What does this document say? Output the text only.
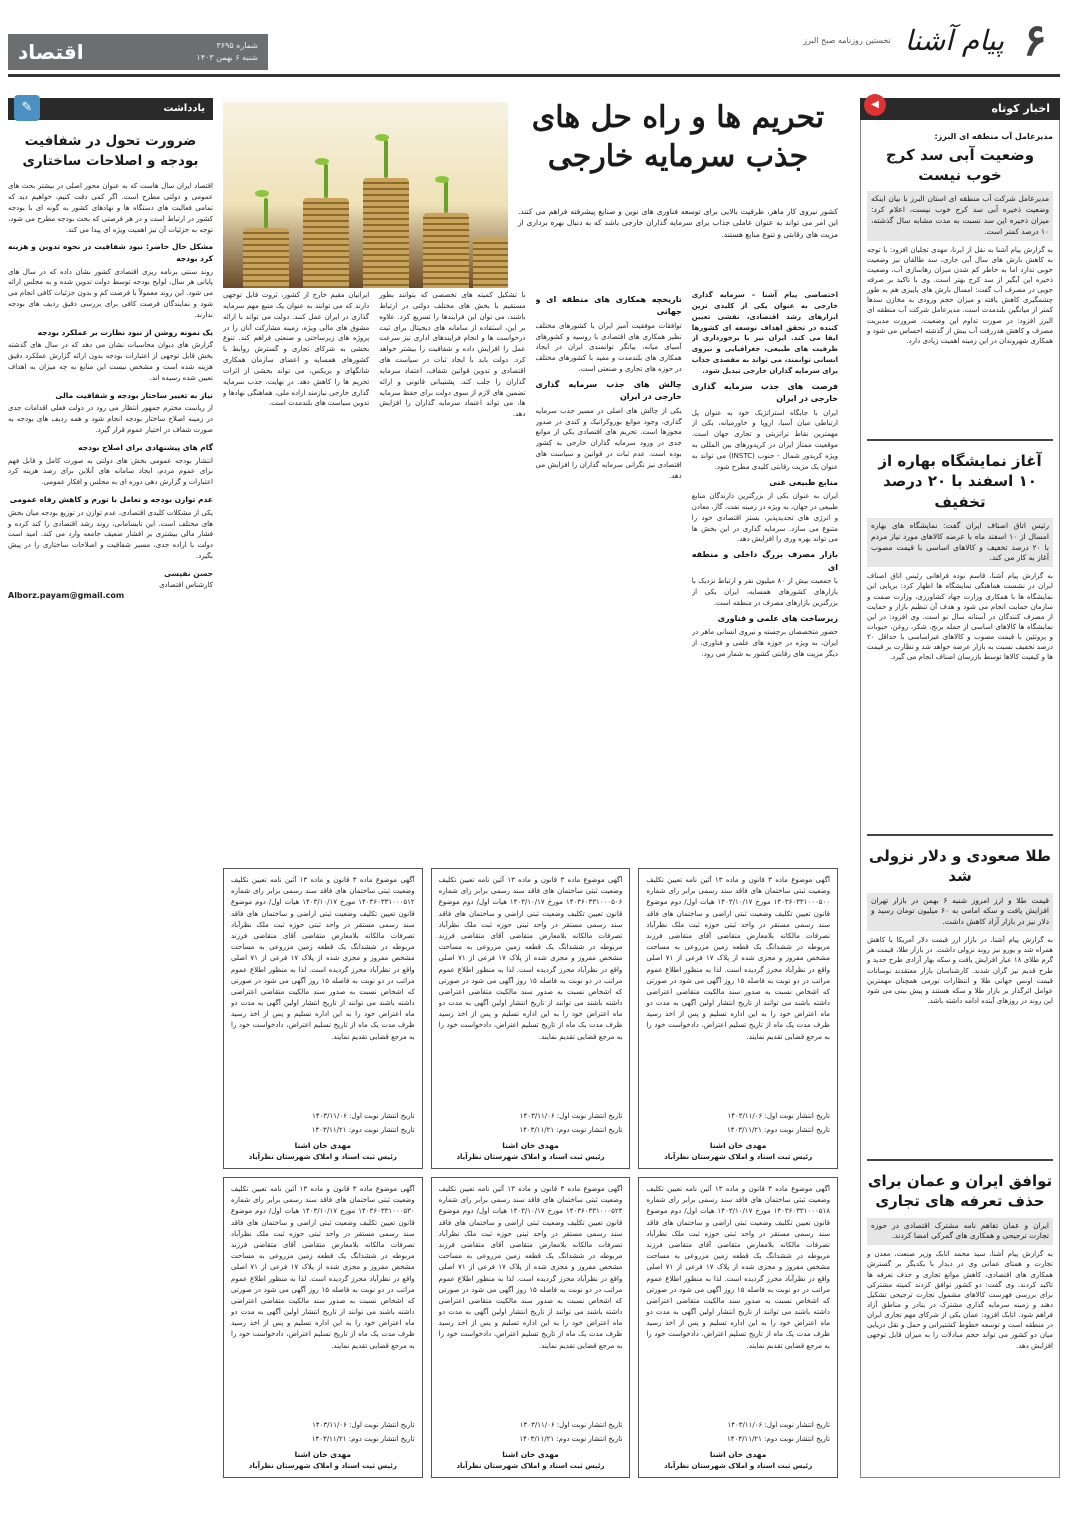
۶
پیام آشنا
نخستین روزنامه صبح البرز
اقتصاد	شماره ۳۶۹۵
شنبه ۶ بهمن ۱۴۰۳
اخبار کوتاه
◀
مدیرعامل آب منطقه ای البرز:
وضعیت آبی سد کرج خوب نیست
مدیرعامل شرکت آب منطقه ای استان البرز با بیان اینکه وضعیت ذخیره آبی سد کرج خوب نیست، اعلام کرد: میزان ذخیره این سد نسبت به مدت مشابه سال گذشته، ۱۰ درصد کمتر است.
به گزارش پیام آشنا به نقل از ایرنا، مهدی تجلیان افزود: با توجه به کاهش بارش های سال آبی جاری، سد طالقان نیز وضعیت خوبی ندارد اما به خاطر کم شدن میزان رهاسازی آب، وضعیت ذخیره این آبگیر از سد کرج بهتر است. وی با تاکید بر صرفه جویی در مصرف آب گفت: امسال بارش های پاییزی هم به طور چشمگیری کاهش یافته و میزان حجم ورودی به مخازن سدها کمتر از میانگین بلندمدت است. مدیرعامل شرکت آب منطقه ای البرز افزود: در صورت تداوم این وضعیت، ضرورت مدیریت مصرف و کاهش هدررفت آب بیش از گذشته احساس می شود و همکاری شهروندان در این زمینه اهمیت زیادی دارد.
آغاز نمایشگاه بهاره از ۱۰ اسفند با ۲۰ درصد تخفیف
رئیس اتاق اصناف ایران گفت: نمایشگاه های بهاره امسال از ۱۰ اسفند ماه با عرضه کالاهای مورد نیاز مردم با ۲۰ درصد تخفیف و کالاهای اساسی با قیمت مصوب آغاز به کار می کند.
به گزارش پیام آشنا، قاسم نوده فراهانی رئیس اتاق اصناف ایران در نشست هماهنگی نمایشگاه ها اظهار کرد: برپایی این نمایشگاه ها با همکاری وزارت جهاد کشاورزی، وزارت صمت و سازمان حمایت انجام می شود و هدف آن تنظیم بازار و حمایت از مصرف کنندگان در آستانه سال نو است. وی افزود: در این نمایشگاه ها کالاهای اساسی از جمله برنج، شکر، روغن، حبوبات و پروتئین با قیمت مصوب و کالاهای غیراساسی با حداقل ۲۰ درصد تخفیف نسبت به بازار عرضه خواهد شد و نظارت بر قیمت ها و کیفیت کالاها توسط بازرسان اصناف انجام می گیرد.
طلا صعودی و دلار نزولی شد
قیمت طلا و ارز امروز شنبه ۶ بهمن در بازار تهران افزایش یافت و سکه امامی به ۶۰ میلیون تومان رسید و دلار نیز در بازار آزاد کاهش داشت.
به گزارش پیام آشنا، در بازار ارز قیمت دلار آمریکا با کاهش همراه شد و یورو نیز روند نزولی داشت. در بازار طلا، قیمت هر گرم طلای ۱۸ عیار افزایش یافت و سکه بهار آزادی طرح جدید و طرح قدیم نیز گران شدند. کارشناسان بازار معتقدند نوسانات قیمت اونس جهانی طلا و انتظارات تورمی همچنان مهمترین عوامل اثرگذار بر بازار طلا و سکه هستند و پیش بینی می شود این روند در روزهای آینده ادامه داشته باشد.
توافق ایران و عمان برای حذف تعرفه های تجاری
ایران و عمان تفاهم نامه مشترک اقتصادی در حوزه تجارت ترجیحی و همکاری های گمرکی امضا کردند.
به گزارش پیام آشنا، سید محمد اتابک وزیر صنعت، معدن و تجارت و همتای عمانی وی در دیدار با یکدیگر بر گسترش همکاری های اقتصادی، کاهش موانع تجاری و حذف تعرفه ها تاکید کردند. وی گفت: دو کشور توافق کردند کمیته مشترکی برای بررسی فهرست کالاهای مشمول تجارت ترجیحی تشکیل دهند و زمینه سرمایه گذاری مشترک در بنادر و مناطق آزاد فراهم شود. اتابک افزود: عمان یکی از شرکای مهم تجاری ایران در منطقه است و توسعه خطوط کشتیرانی و حمل و نقل دریایی میان دو کشور می تواند حجم مبادلات را به میزان قابل توجهی افزایش دهد.
تحریم ها و راه حل های
جذب سرمایه خارجی
کشور نیروی کار ماهر، ظرفیت بالایی برای توسعه فناوری های نوین و صنایع پیشرفته فراهم می کنند. این امر می تواند به عنوان عاملی جذاب برای سرمایه گذاران خارجی باشد که به دنبال بهره برداری از مزیت های رقابتی و تنوع منابع هستند.

اختصاصی پیام آشنا – سرمایه گذاری خارجی به عنوان یکی از کلیدی ترین ابزارهای رشد اقتصادی، نقشی تعیین کننده در تحقق اهداف توسعه ای کشورها ایفا می کند. ایران نیز با برخورداری از ظرفیت های طبیعی، جغرافیایی و نیروی انسانی توانمند، می تواند به مقصدی جذاب برای سرمایه گذاران خارجی تبدیل شود.

فرصت های جذب سرمایه گذاری خارجی در ایران

ایران با جایگاه استراتژیک خود به عنوان پل ارتباطی میان آسیا، اروپا و خاورمیانه، یکی از مهمترین نقاط ترانزیتی و تجاری جهان است. موقعیت ممتاز ایران در کریدورهای بین المللی به ویژه کریدور شمال - جنوب (INSTC) می تواند به عنوان یک مزیت رقابتی کلیدی مطرح شود.

منابع طبیعی غنی

ایران به عنوان یکی از بزرگترین دارندگان منابع طبیعی در جهان، به ویژه در زمینه نفت، گاز، معادن و انرژی های تجدیدپذیر، بستر اقتصادی خود را متنوع می سازد. سرمایه گذاری در این بخش ها می تواند بهره وری را افزایش دهد.

بازار مصرف بزرگ داخلی و منطقه ای

با جمعیت بیش از ۸۰ میلیون نفر و ارتباط نزدیک با بازارهای کشورهای همسایه، ایران یکی از بزرگترین بازارهای مصرف در منطقه است.

زیرساخت های علمی و فناوری

حضور متخصصان برجسته و نیروی انسانی ماهر در ایران، به ویژه در حوزه های علمی و فناوری، از دیگر مزیت های رقابتی کشور به شمار می رود.

تاریخچه همکاری های منطقه ای و جهانی

توافقات موفقیت آمیز ایران با کشورهای مختلف نظیر همکاری های اقتصادی با روسیه و کشورهای آسیای میانه، بیانگر توانمندی ایران در ایجاد همکاری های بلندمدت و مفید با کشورهای مختلف در حوزه های تجاری و صنعتی است.

چالش های جذب سرمایه گذاری خارجی در ایران

یکی از چالش های اصلی در مسیر جذب سرمایه گذاری، وجود موانع بوروکراتیک و کندی در صدور مجوزها است. تحریم های اقتصادی یکی از موانع جدی در ورود سرمایه گذاران خارجی به کشور بوده است. عدم ثبات در قوانین و سیاست های اقتصادی نیز نگرانی سرمایه گذاران را افزایش می دهد.

با تشکیل کمیته های تخصصی که بتوانند بطور مستقیم با بخش های مختلف دولتی در ارتباط باشند، می توان این فرایندها را تسریع کرد. علاوه بر این، استفاده از سامانه های دیجیتال برای ثبت درخواست ها و انجام فرایندهای اداری نیز سرعت عمل را افزایش داده و شفافیت را بیشتر خواهد کرد. دولت باید با ایجاد ثبات در سیاست های اقتصادی و تدوین قوانین شفاف، اعتماد سرمایه گذاران را جلب کند. پشتیبانی قانونی و ارائه تضمین های لازم از سوی دولت برای حفظ سرمایه ها، می تواند اعتماد سرمایه گذاران را افزایش دهد.

ایرانیان مقیم خارج از کشور، ثروت قابل توجهی دارند که می توانند به عنوان یک منبع مهم سرمایه گذاری در ایران عمل کنند. دولت می تواند با ارائه مشوق های مالی ویژه، زمینه مشارکت آنان را در پروژه های زیرساختی و صنعتی فراهم کند. تنوع بخشی به شرکای تجاری و گسترش روابط با کشورهای همسایه و اعضای سازمان همکاری شانگهای و بریکس، می تواند بخشی از اثرات تحریم ها را کاهش دهد. در نهایت، جذب سرمایه گذاری خارجی نیازمند اراده ملی، هماهنگی نهادها و تدوین سیاست های بلندمدت است.

آگهی موضوع ماده ۳ قانون و ماده ۱۳ آئین نامه تعیین تکلیف وضعیت ثبتی ساختمان های فاقد سند رسمی برابر رای شماره ۱۴۰۳۶۰۳۳۱۰۰۰۵۰۰ مورخ ۱۴۰۳/۱۰/۱۷ هیات اول/ دوم موضوع قانون تعیین تکلیف وضعیت ثبتی اراضی و ساختمان های فاقد سند رسمی مستقر در واحد ثبتی حوزه ثبت ملک نظرآباد تصرفات مالکانه بلامعارض متقاضی آقای متقاضی فرزند مربوطه در ششدانگ یک قطعه زمین مزروعی به مساحت مشخص مفروز و مجزی شده از پلاک ۱۷ فرعی از ۷۱ اصلی واقع در نظرآباد محرز گردیده است. لذا به منظور اطلاع عموم مراتب در دو نوبت به فاصله ۱۵ روز آگهی می شود در صورتی که اشخاص نسبت به صدور سند مالکیت متقاضی اعتراضی داشته باشند می توانند از تاریخ انتشار اولین آگهی به مدت دو ماه اعتراض خود را به این اداره تسلیم و پس از اخذ رسید ظرف مدت یک ماه از تاریخ تسلیم اعتراض، دادخواست خود را به مرجع قضایی تقدیم نمایند.
تاریخ انتشار نوبت اول: ۱۴۰۳/۱۱/۰۶
تاریخ انتشار نوبت دوم: ۱۴۰۳/۱۱/۲۱
مهدی خان اشنا
رئیس ثبت اسناد و املاک شهرستان نظرآباد
آگهی موضوع ماده ۳ قانون و ماده ۱۳ آئین نامه تعیین تکلیف وضعیت ثبتی ساختمان های فاقد سند رسمی برابر رای شماره ۱۴۰۳۶۰۳۳۱۰۰۰۵۰۶ مورخ ۱۴۰۳/۱۰/۱۷ هیات اول/ دوم موضوع قانون تعیین تکلیف وضعیت ثبتی اراضی و ساختمان های فاقد سند رسمی مستقر در واحد ثبتی حوزه ثبت ملک نظرآباد تصرفات مالکانه بلامعارض متقاضی آقای متقاضی فرزند مربوطه در ششدانگ یک قطعه زمین مزروعی به مساحت مشخص مفروز و مجزی شده از پلاک ۱۷ فرعی از ۷۱ اصلی واقع در نظرآباد محرز گردیده است. لذا به منظور اطلاع عموم مراتب در دو نوبت به فاصله ۱۵ روز آگهی می شود در صورتی که اشخاص نسبت به صدور سند مالکیت متقاضی اعتراضی داشته باشند می توانند از تاریخ انتشار اولین آگهی به مدت دو ماه اعتراض خود را به این اداره تسلیم و پس از اخذ رسید ظرف مدت یک ماه از تاریخ تسلیم اعتراض، دادخواست خود را به مرجع قضایی تقدیم نمایند.
تاریخ انتشار نوبت اول: ۱۴۰۳/۱۱/۰۶
تاریخ انتشار نوبت دوم: ۱۴۰۳/۱۱/۲۱
مهدی خان اشنا
رئیس ثبت اسناد و املاک شهرستان نظرآباد
آگهی موضوع ماده ۳ قانون و ماده ۱۳ آئین نامه تعیین تکلیف وضعیت ثبتی ساختمان های فاقد سند رسمی برابر رای شماره ۱۴۰۳۶۰۳۳۱۰۰۰۵۱۲ مورخ ۱۴۰۳/۱۰/۱۷ هیات اول/ دوم موضوع قانون تعیین تکلیف وضعیت ثبتی اراضی و ساختمان های فاقد سند رسمی مستقر در واحد ثبتی حوزه ثبت ملک نظرآباد تصرفات مالکانه بلامعارض متقاضی آقای متقاضی فرزند مربوطه در ششدانگ یک قطعه زمین مزروعی به مساحت مشخص مفروز و مجزی شده از پلاک ۱۷ فرعی از ۷۱ اصلی واقع در نظرآباد محرز گردیده است. لذا به منظور اطلاع عموم مراتب در دو نوبت به فاصله ۱۵ روز آگهی می شود در صورتی که اشخاص نسبت به صدور سند مالکیت متقاضی اعتراضی داشته باشند می توانند از تاریخ انتشار اولین آگهی به مدت دو ماه اعتراض خود را به این اداره تسلیم و پس از اخذ رسید ظرف مدت یک ماه از تاریخ تسلیم اعتراض، دادخواست خود را به مرجع قضایی تقدیم نمایند.
تاریخ انتشار نوبت اول: ۱۴۰۳/۱۱/۰۶
تاریخ انتشار نوبت دوم: ۱۴۰۳/۱۱/۲۱
مهدی خان اشنا
رئیس ثبت اسناد و املاک شهرستان نظرآباد
آگهی موضوع ماده ۳ قانون و ماده ۱۳ آئین نامه تعیین تکلیف وضعیت ثبتی ساختمان های فاقد سند رسمی برابر رای شماره ۱۴۰۳۶۰۳۳۱۰۰۰۵۱۸ مورخ ۱۴۰۳/۱۰/۱۷ هیات اول/ دوم موضوع قانون تعیین تکلیف وضعیت ثبتی اراضی و ساختمان های فاقد سند رسمی مستقر در واحد ثبتی حوزه ثبت ملک نظرآباد تصرفات مالکانه بلامعارض متقاضی آقای متقاضی فرزند مربوطه در ششدانگ یک قطعه زمین مزروعی به مساحت مشخص مفروز و مجزی شده از پلاک ۱۷ فرعی از ۷۱ اصلی واقع در نظرآباد محرز گردیده است. لذا به منظور اطلاع عموم مراتب در دو نوبت به فاصله ۱۵ روز آگهی می شود در صورتی که اشخاص نسبت به صدور سند مالکیت متقاضی اعتراضی داشته باشند می توانند از تاریخ انتشار اولین آگهی به مدت دو ماه اعتراض خود را به این اداره تسلیم و پس از اخذ رسید ظرف مدت یک ماه از تاریخ تسلیم اعتراض، دادخواست خود را به مرجع قضایی تقدیم نمایند.
تاریخ انتشار نوبت اول: ۱۴۰۳/۱۱/۰۶
تاریخ انتشار نوبت دوم: ۱۴۰۳/۱۱/۲۱
مهدی خان اشنا
رئیس ثبت اسناد و املاک شهرستان نظرآباد
آگهی موضوع ماده ۳ قانون و ماده ۱۳ آئین نامه تعیین تکلیف وضعیت ثبتی ساختمان های فاقد سند رسمی برابر رای شماره ۱۴۰۳۶۰۳۳۱۰۰۰۵۲۴ مورخ ۱۴۰۳/۱۰/۱۷ هیات اول/ دوم موضوع قانون تعیین تکلیف وضعیت ثبتی اراضی و ساختمان های فاقد سند رسمی مستقر در واحد ثبتی حوزه ثبت ملک نظرآباد تصرفات مالکانه بلامعارض متقاضی آقای متقاضی فرزند مربوطه در ششدانگ یک قطعه زمین مزروعی به مساحت مشخص مفروز و مجزی شده از پلاک ۱۷ فرعی از ۷۱ اصلی واقع در نظرآباد محرز گردیده است. لذا به منظور اطلاع عموم مراتب در دو نوبت به فاصله ۱۵ روز آگهی می شود در صورتی که اشخاص نسبت به صدور سند مالکیت متقاضی اعتراضی داشته باشند می توانند از تاریخ انتشار اولین آگهی به مدت دو ماه اعتراض خود را به این اداره تسلیم و پس از اخذ رسید ظرف مدت یک ماه از تاریخ تسلیم اعتراض، دادخواست خود را به مرجع قضایی تقدیم نمایند.
تاریخ انتشار نوبت اول: ۱۴۰۳/۱۱/۰۶
تاریخ انتشار نوبت دوم: ۱۴۰۳/۱۱/۲۱
مهدی خان اشنا
رئیس ثبت اسناد و املاک شهرستان نظرآباد
آگهی موضوع ماده ۳ قانون و ماده ۱۳ آئین نامه تعیین تکلیف وضعیت ثبتی ساختمان های فاقد سند رسمی برابر رای شماره ۱۴۰۳۶۰۳۳۱۰۰۰۵۳۰ مورخ ۱۴۰۳/۱۰/۱۷ هیات اول/ دوم موضوع قانون تعیین تکلیف وضعیت ثبتی اراضی و ساختمان های فاقد سند رسمی مستقر در واحد ثبتی حوزه ثبت ملک نظرآباد تصرفات مالکانه بلامعارض متقاضی آقای متقاضی فرزند مربوطه در ششدانگ یک قطعه زمین مزروعی به مساحت مشخص مفروز و مجزی شده از پلاک ۱۷ فرعی از ۷۱ اصلی واقع در نظرآباد محرز گردیده است. لذا به منظور اطلاع عموم مراتب در دو نوبت به فاصله ۱۵ روز آگهی می شود در صورتی که اشخاص نسبت به صدور سند مالکیت متقاضی اعتراضی داشته باشند می توانند از تاریخ انتشار اولین آگهی به مدت دو ماه اعتراض خود را به این اداره تسلیم و پس از اخذ رسید ظرف مدت یک ماه از تاریخ تسلیم اعتراض، دادخواست خود را به مرجع قضایی تقدیم نمایند.
تاریخ انتشار نوبت اول: ۱۴۰۳/۱۱/۰۶
تاریخ انتشار نوبت دوم: ۱۴۰۳/۱۱/۲۱
مهدی خان اشنا
رئیس ثبت اسناد و املاک شهرستان نظرآباد
یادداشت
✎
ضرورت تحول در شفافیت بودجه و اصلاحات ساختاری

اقتصاد ایران سال هاست که به عنوان محور اصلی در بیشتر بحث های عمومی و دولتی مطرح است. اگر کمی دقت کنیم، خواهیم دید که تمامی فعالیت های دستگاه ها و نهادهای کشور به گونه ای با بودجه کشور در ارتباط است و در هر فرصتی که بحث بودجه مطرح می شود، توجه به جزئیات آن نیز اهمیت ویژه ای پیدا می کند.

مشکل حال حاضر: نبود شفافیت در نحوه تدوین و هزینه کرد بودجه

روند سنتی برنامه ریزی اقتصادی کشور نشان داده که در سال های پایانی هر سال، لوایح بودجه توسط دولت تدوین شده و به مجلس ارائه می شود. این روند معمولاً با فرصت کم و بدون جزئیات کافی انجام می شود و نمایندگان فرصت کافی برای بررسی دقیق ردیف های بودجه ندارند.

یک نمونه روشن از نبود نظارت بر عملکرد بودجه

گزارش های دیوان محاسبات نشان می دهد که در سال های گذشته بخش قابل توجهی از اعتبارات بودجه بدون ارائه گزارش عملکرد دقیق هزینه شده است و مشخص نیست این منابع به چه میزان به اهداف تعیین شده رسیده اند.

نیاز به تغییر ساختار بودجه و شفافیت مالی

از ریاست محترم جمهور انتظار می رود در دولت فعلی اقدامات جدی در زمینه اصلاح ساختار بودجه انجام شود و همه ردیف های بودجه به صورت شفاف در اختیار عموم قرار گیرد.

گام های پیشنهادی برای اصلاح بودجه

انتشار بودجه عمومی بخش های دولتی به صورت کامل و قابل فهم برای عموم مردم، ایجاد سامانه های آنلاین برای رصد هزینه کرد اعتبارات و گزارش دهی دوره ای به مجلس و افکار عمومی.

عدم توازن بودجه و تعامل با تورم و کاهش رفاه عمومی

یکی از مشکلات کلیدی اقتصادی، عدم توازن در توزیع بودجه میان بخش های مختلف است. این نابسامانی، روند رشد اقتصادی را کند کرده و فشار مالی بیشتری بر اقشار ضعیف جامعه وارد می کند. امید است دولت با اراده جدی، مسیر شفافیت و اصلاحات ساختاری را در پیش بگیرد.

حسن نفیسی
کارشناس اقتصادی
Alborz.payam@gmail.com
